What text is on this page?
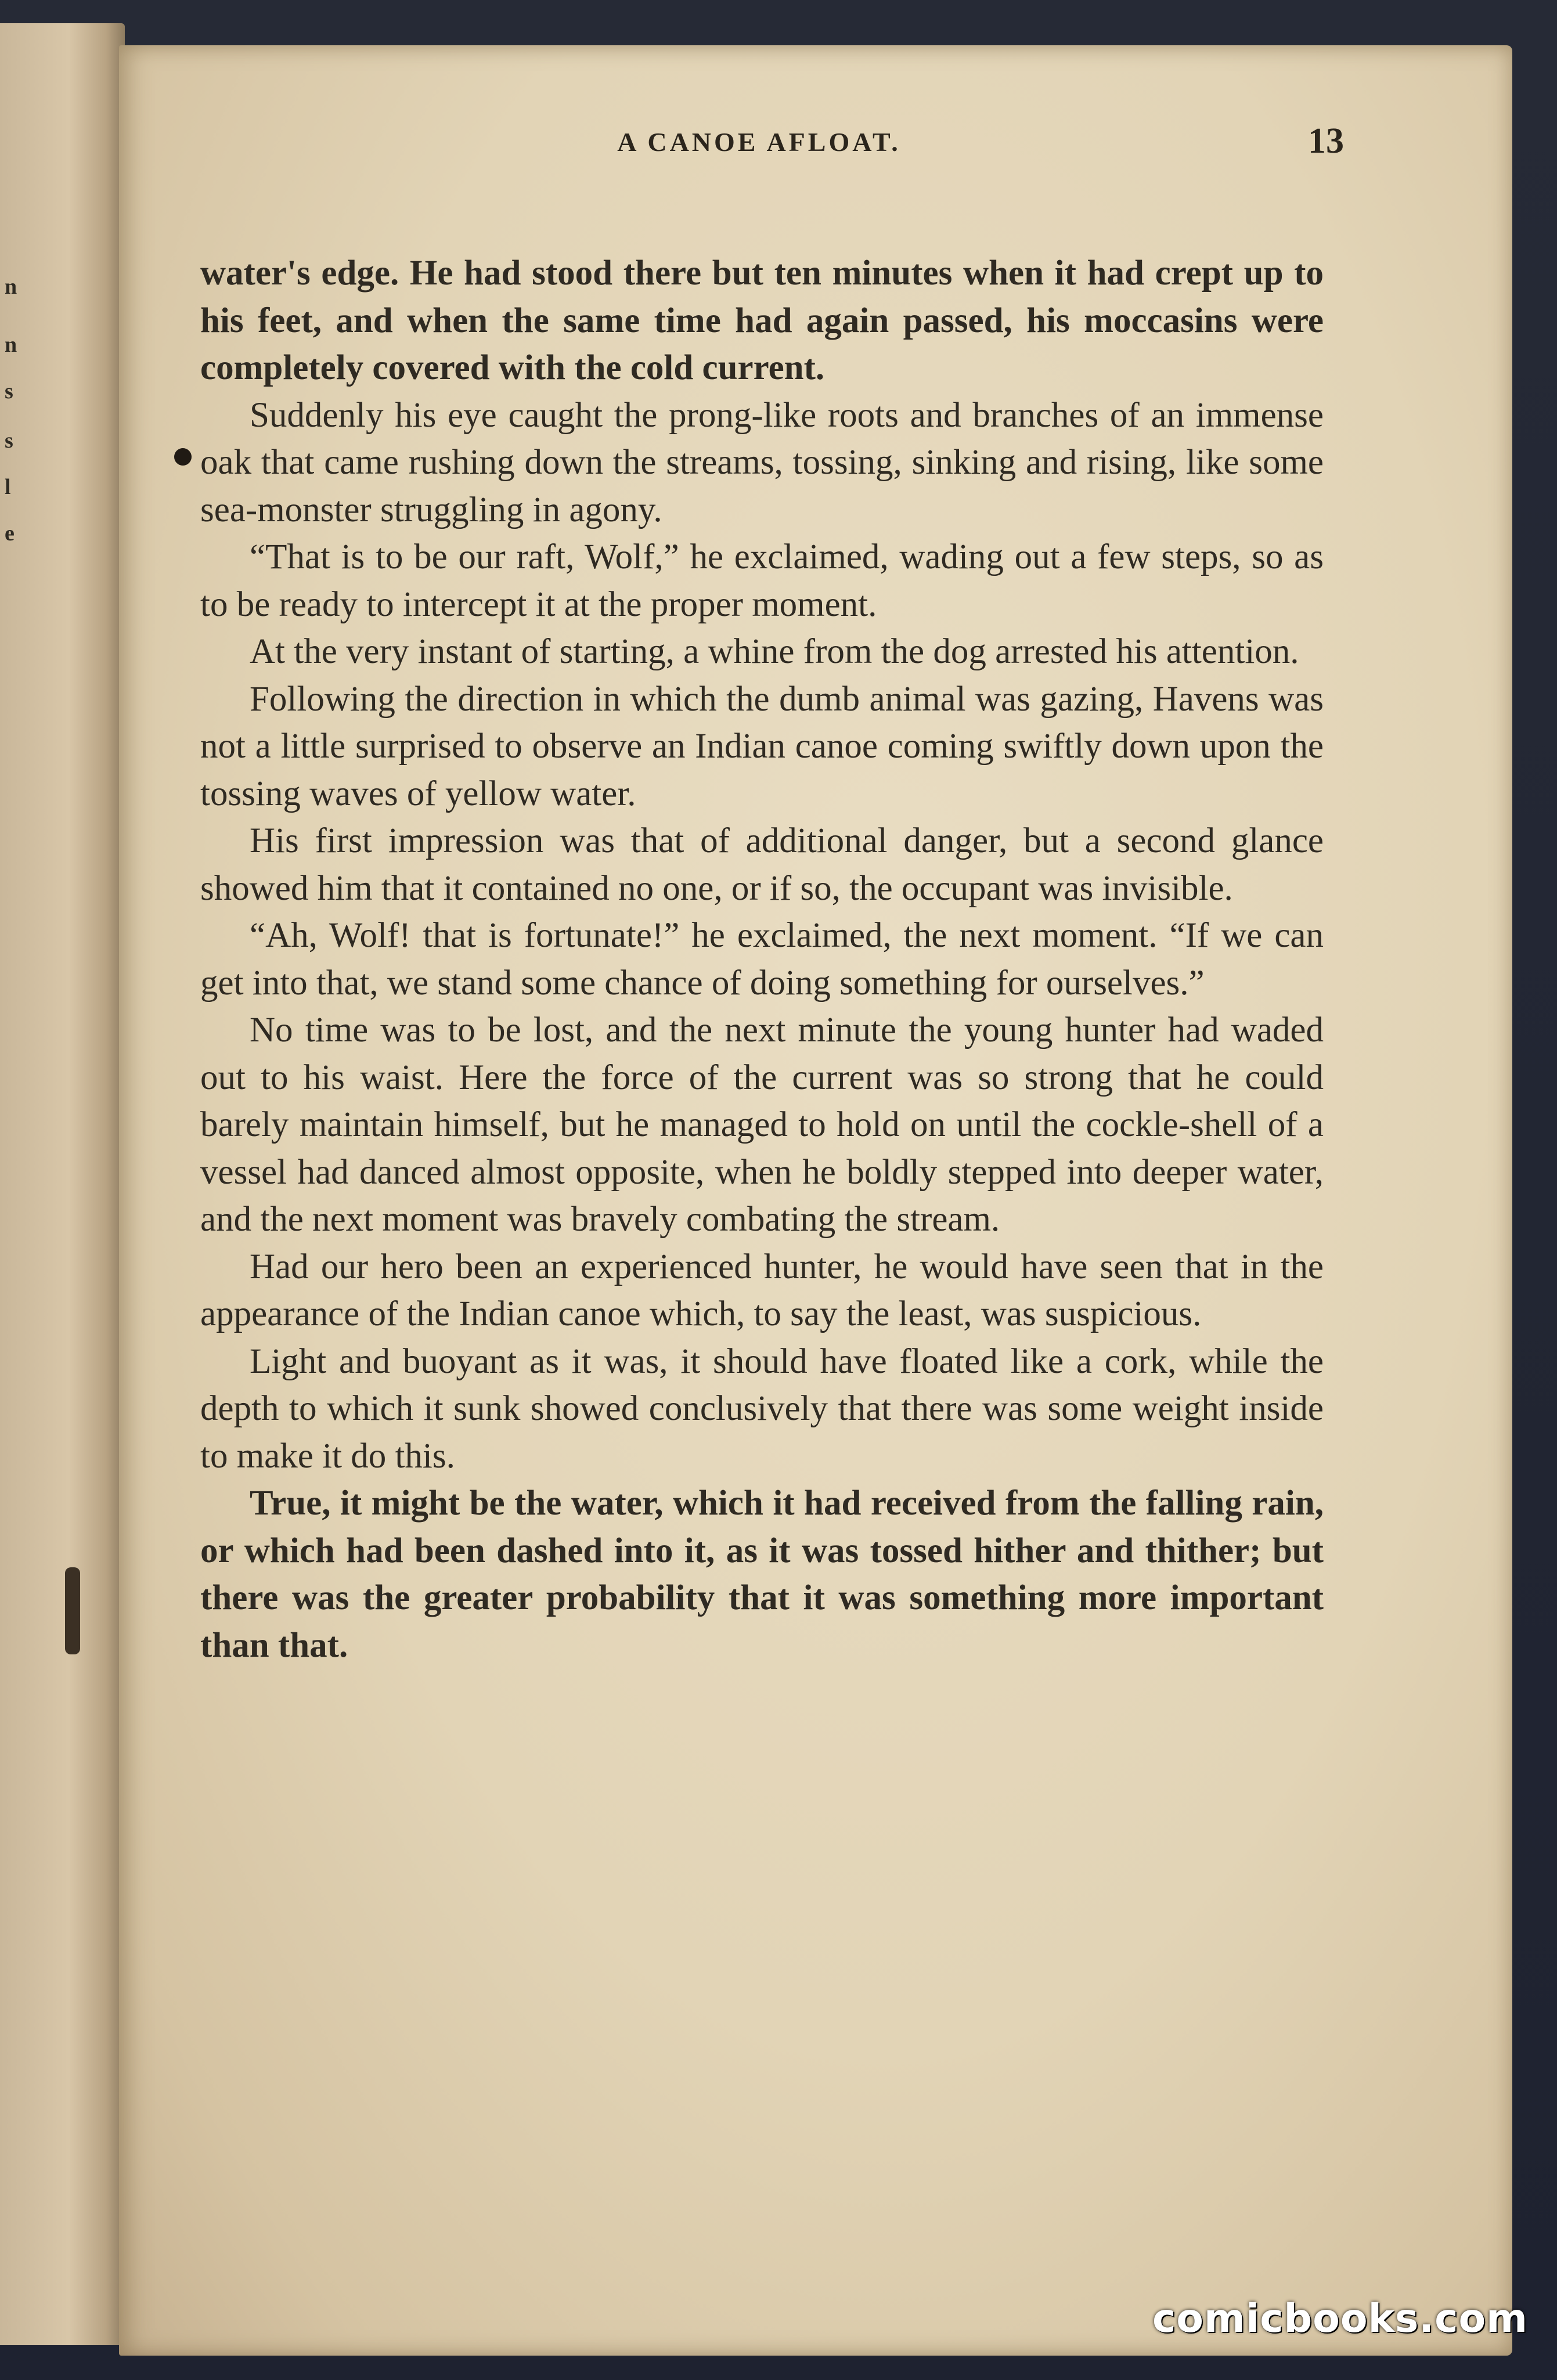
n
n
s
s
l
e
A CANOE AFLOAT.	13

water's edge. He had stood there but ten minutes when it had crept up to his feet, and when the same time had again passed, his moccasins were completely covered with the cold current.

Suddenly his eye caught the prong-like roots and branches of an immense oak that came rushing down the streams, tossing, sinking and rising, like some sea-monster struggling in agony.

“That is to be our raft, Wolf,” he exclaimed, wading out a few steps, so as to be ready to intercept it at the proper moment.

At the very instant of starting, a whine from the dog arrested his attention.

Following the direction in which the dumb animal was gazing, Havens was not a little surprised to observe an Indian canoe coming swiftly down upon the tossing waves of yellow water.

His first impression was that of additional danger, but a second glance showed him that it contained no one, or if so, the occupant was invisible.

“Ah, Wolf! that is fortunate!” he exclaimed, the next moment. “If we can get into that, we stand some chance of doing something for ourselves.”

No time was to be lost, and the next minute the young hunter had waded out to his waist. Here the force of the current was so strong that he could barely maintain himself, but he managed to hold on until the cockle-shell of a vessel had danced almost opposite, when he boldly stepped into deeper water, and the next moment was bravely combating the stream.

Had our hero been an experienced hunter, he would have seen that in the appearance of the Indian canoe which, to say the least, was suspicious.

Light and buoyant as it was, it should have floated like a cork, while the depth to which it sunk showed conclusively that there was some weight inside to make it do this.

True, it might be the water, which it had received from the falling rain, or which had been dashed into it, as it was tossed hither and thither; but there was the greater probability that it was something more important than that.

comicbooks.com
